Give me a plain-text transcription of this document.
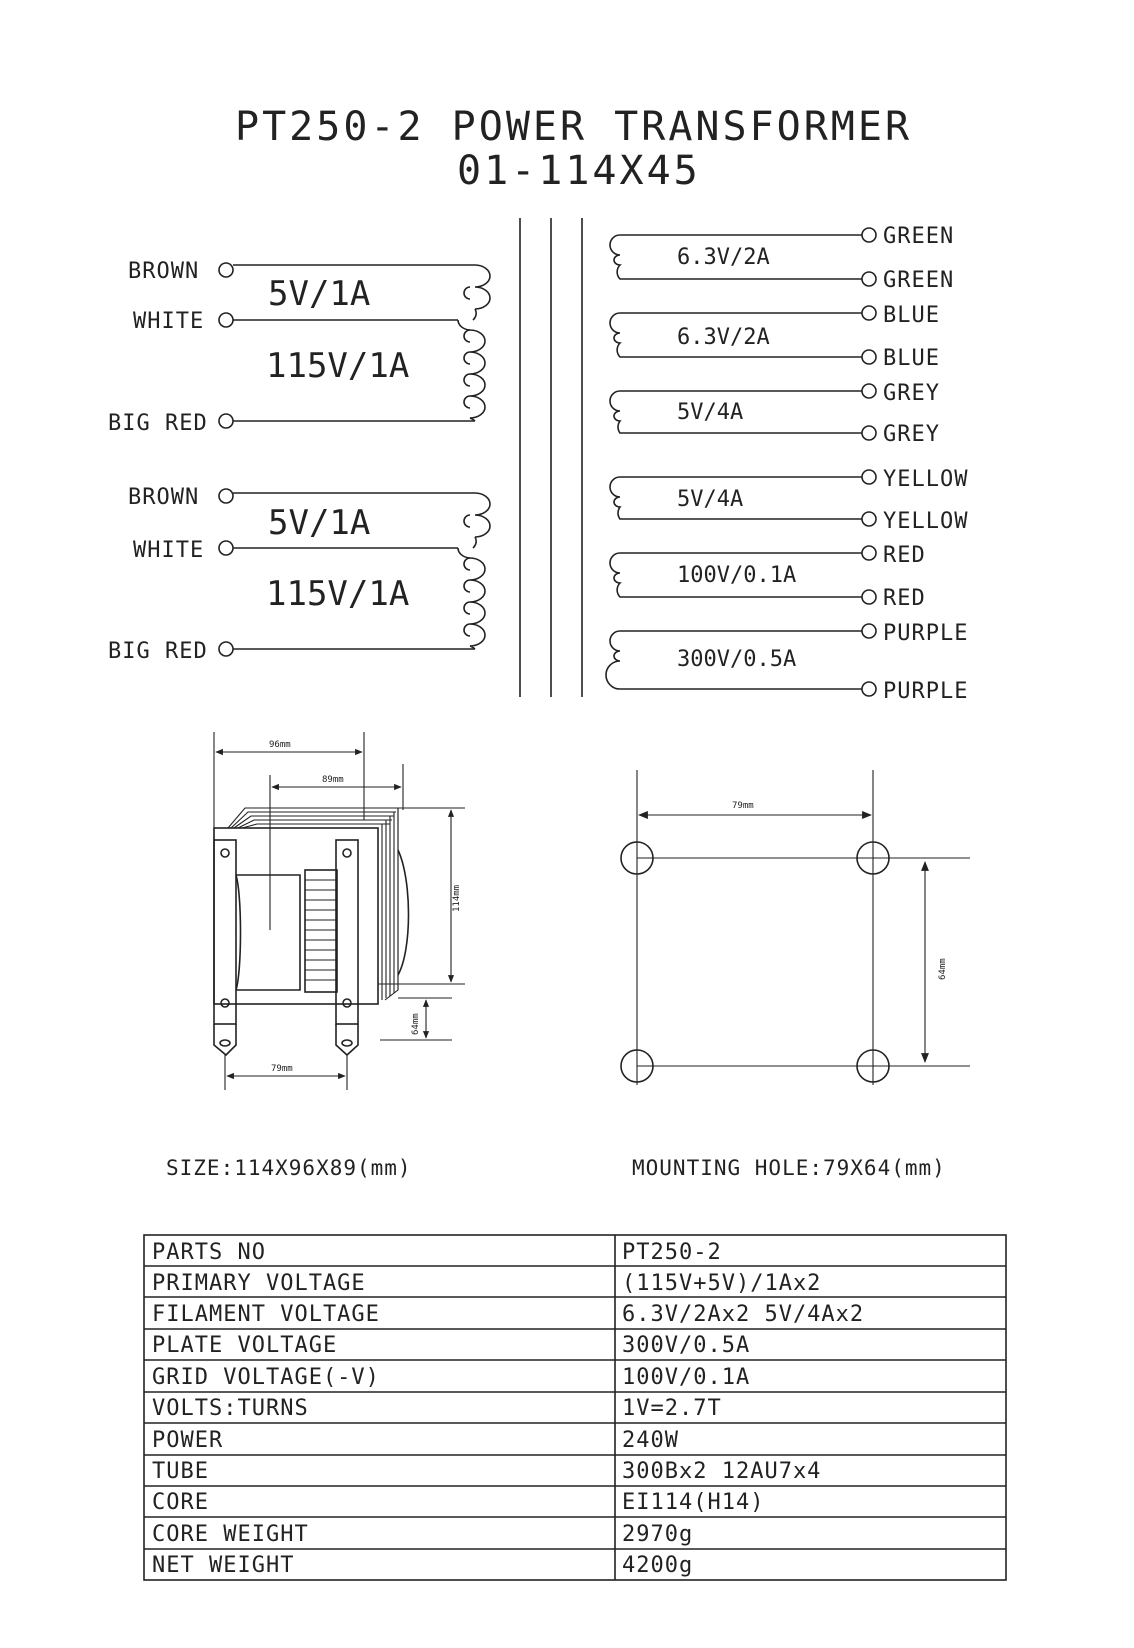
PT250-2 POWER TRANSFORMER
01-114X45
BROWN
WHITE
BIG RED
5V/1A
115V/1A
BROWN
WHITE
BIG RED
5V/1A
115V/1A
6.3V/2A
GREEN
GREEN
6.3V/2A
BLUE
BLUE
5V/4A
GREY
GREY
5V/4A
YELLOW
YELLOW
100V/0.1A
RED
RED
300V/0.5A
PURPLE
PURPLE
96mm
89mm
114mm
64mm
79mm
79mm
64mm
SIZE:114X96X89(mm)	MOUNTING HOLE:79X64(mm)
PARTS NO	PT250-2
PRIMARY VOLTAGE	(115V+5V)/1Ax2
FILAMENT VOLTAGE	6.3V/2Ax2 5V/4Ax2
PLATE VOLTAGE	300V/0.5A
GRID VOLTAGE(-V)	100V/0.1A
VOLTS:TURNS	1V=2.7T
POWER	240W
TUBE	300Bx2 12AU7x4
CORE	EI114(H14)
CORE WEIGHT	2970g
NET WEIGHT	4200g
